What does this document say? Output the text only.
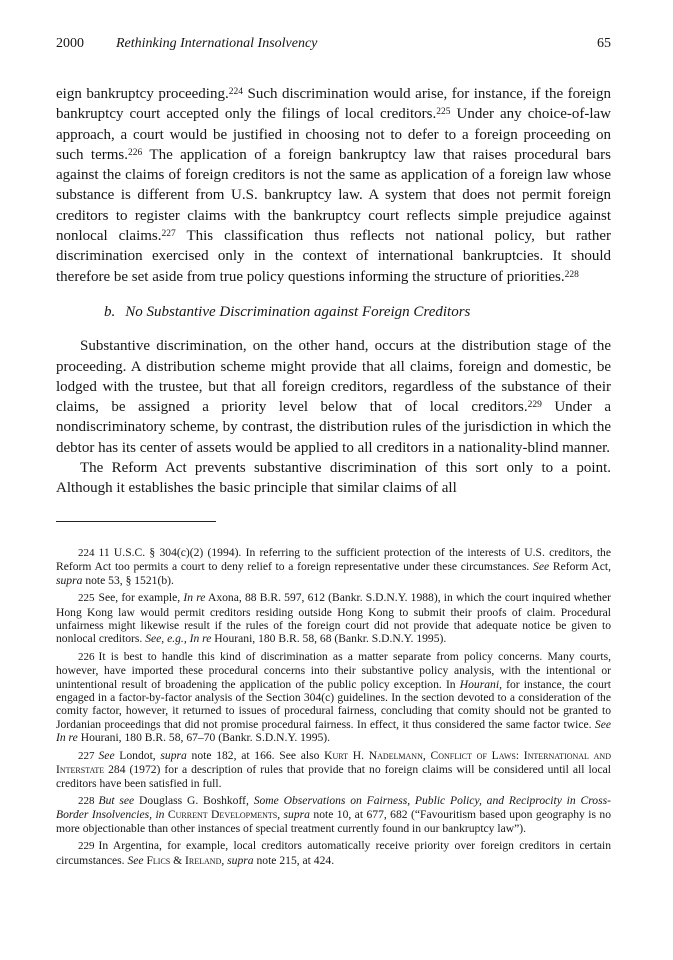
2000 Rethinking International Insolvency	65

eign bankruptcy proceeding.$^{224}$ Such discrimination would arise, for instance, if the foreign bankruptcy court accepted only the filings of local creditors.$^{225}$ Under any choice-of-law approach, a court would be justified in choosing not to defer to a foreign proceeding on such terms.$^{226}$ The application of a foreign bankruptcy law that raises procedural bars against the claims of foreign creditors is not the same as application of a foreign law whose substance is different from U.S. bankruptcy law. A system that does not permit foreign creditors to register claims with the bankruptcy court reflects simple prejudice against nonlocal claims.$^{227}$ This classification thus reflects not national policy, but rather discrimination exercised only in the context of international bankruptcies. It should therefore be set aside from true policy questions informing the structure of priorities.$^{228}$

b. No Substantive Discrimination against Foreign Creditors

Substantive discrimination, on the other hand, occurs at the distribution stage of the proceeding. A distribution scheme might provide that all claims, foreign and domestic, be lodged with the trustee, but that all foreign creditors, regardless of the substance of their claims, be assigned a priority level below that of local creditors.$^{229}$ Under a nondiscriminatory scheme, by contrast, the distribution rules of the jurisdiction in which the debtor has its center of assets would be applied to all creditors in a nationality-blind manner.

The Reform Act prevents substantive discrimination of this sort only to a point. Although it establishes the basic principle that similar claims of all

224 11 U.S.C. § 304(c)(2) (1994). In referring to the sufficient protection of the interests of U.S. creditors, the Reform Act too permits a court to deny relief to a foreign representative under these circumstances. See Reform Act, supra note 53, § 1521(b).

225 See, for example, In re Axona, 88 B.R. 597, 612 (Bankr. S.D.N.Y. 1988), in which the court inquired whether Hong Kong law would permit creditors residing outside Hong Kong to submit their proofs of claim. Procedural unfairness might likewise result if the rules of the foreign court did not provide that adequate notice be given to nonlocal creditors. See, e.g., In re Hourani, 180 B.R. 58, 68 (Bankr. S.D.N.Y. 1995).

226 It is best to handle this kind of discrimination as a matter separate from policy concerns. Many courts, however, have imported these procedural concerns into their substantive policy analysis, with the intentional or unintentional result of broadening the application of the public policy exception. In Hourani, for instance, the court engaged in a factor-by-factor analysis of the Section 304(c) guidelines. In the section devoted to a consideration of the comity factor, however, it returned to issues of procedural fairness, concluding that comity should not be granted to Jordanian proceedings that did not promise procedural fairness. In effect, it thus considered the same factor twice. See In re Hourani, 180 B.R. 58, 67–70 (Bankr. S.D.N.Y. 1995).

227 See Londot, supra note 182, at 166. See also Kurt H. Nadelmann, Conflict of Laws: International and Interstate 284 (1972) for a description of rules that provide that no foreign claims will be considered until all local creditors have been satisfied in full.

228 But see Douglass G. Boshkoff, Some Observations on Fairness, Public Policy, and Reciprocity in Cross-Border Insolvencies, in Current Developments, supra note 10, at 677, 682 (“Favouritism based upon geography is no more objectionable than other instances of special treatment currently found in our bankruptcy law”).

229 In Argentina, for example, local creditors automatically receive priority over foreign creditors in certain circumstances. See Flics & Ireland, supra note 215, at 424.
